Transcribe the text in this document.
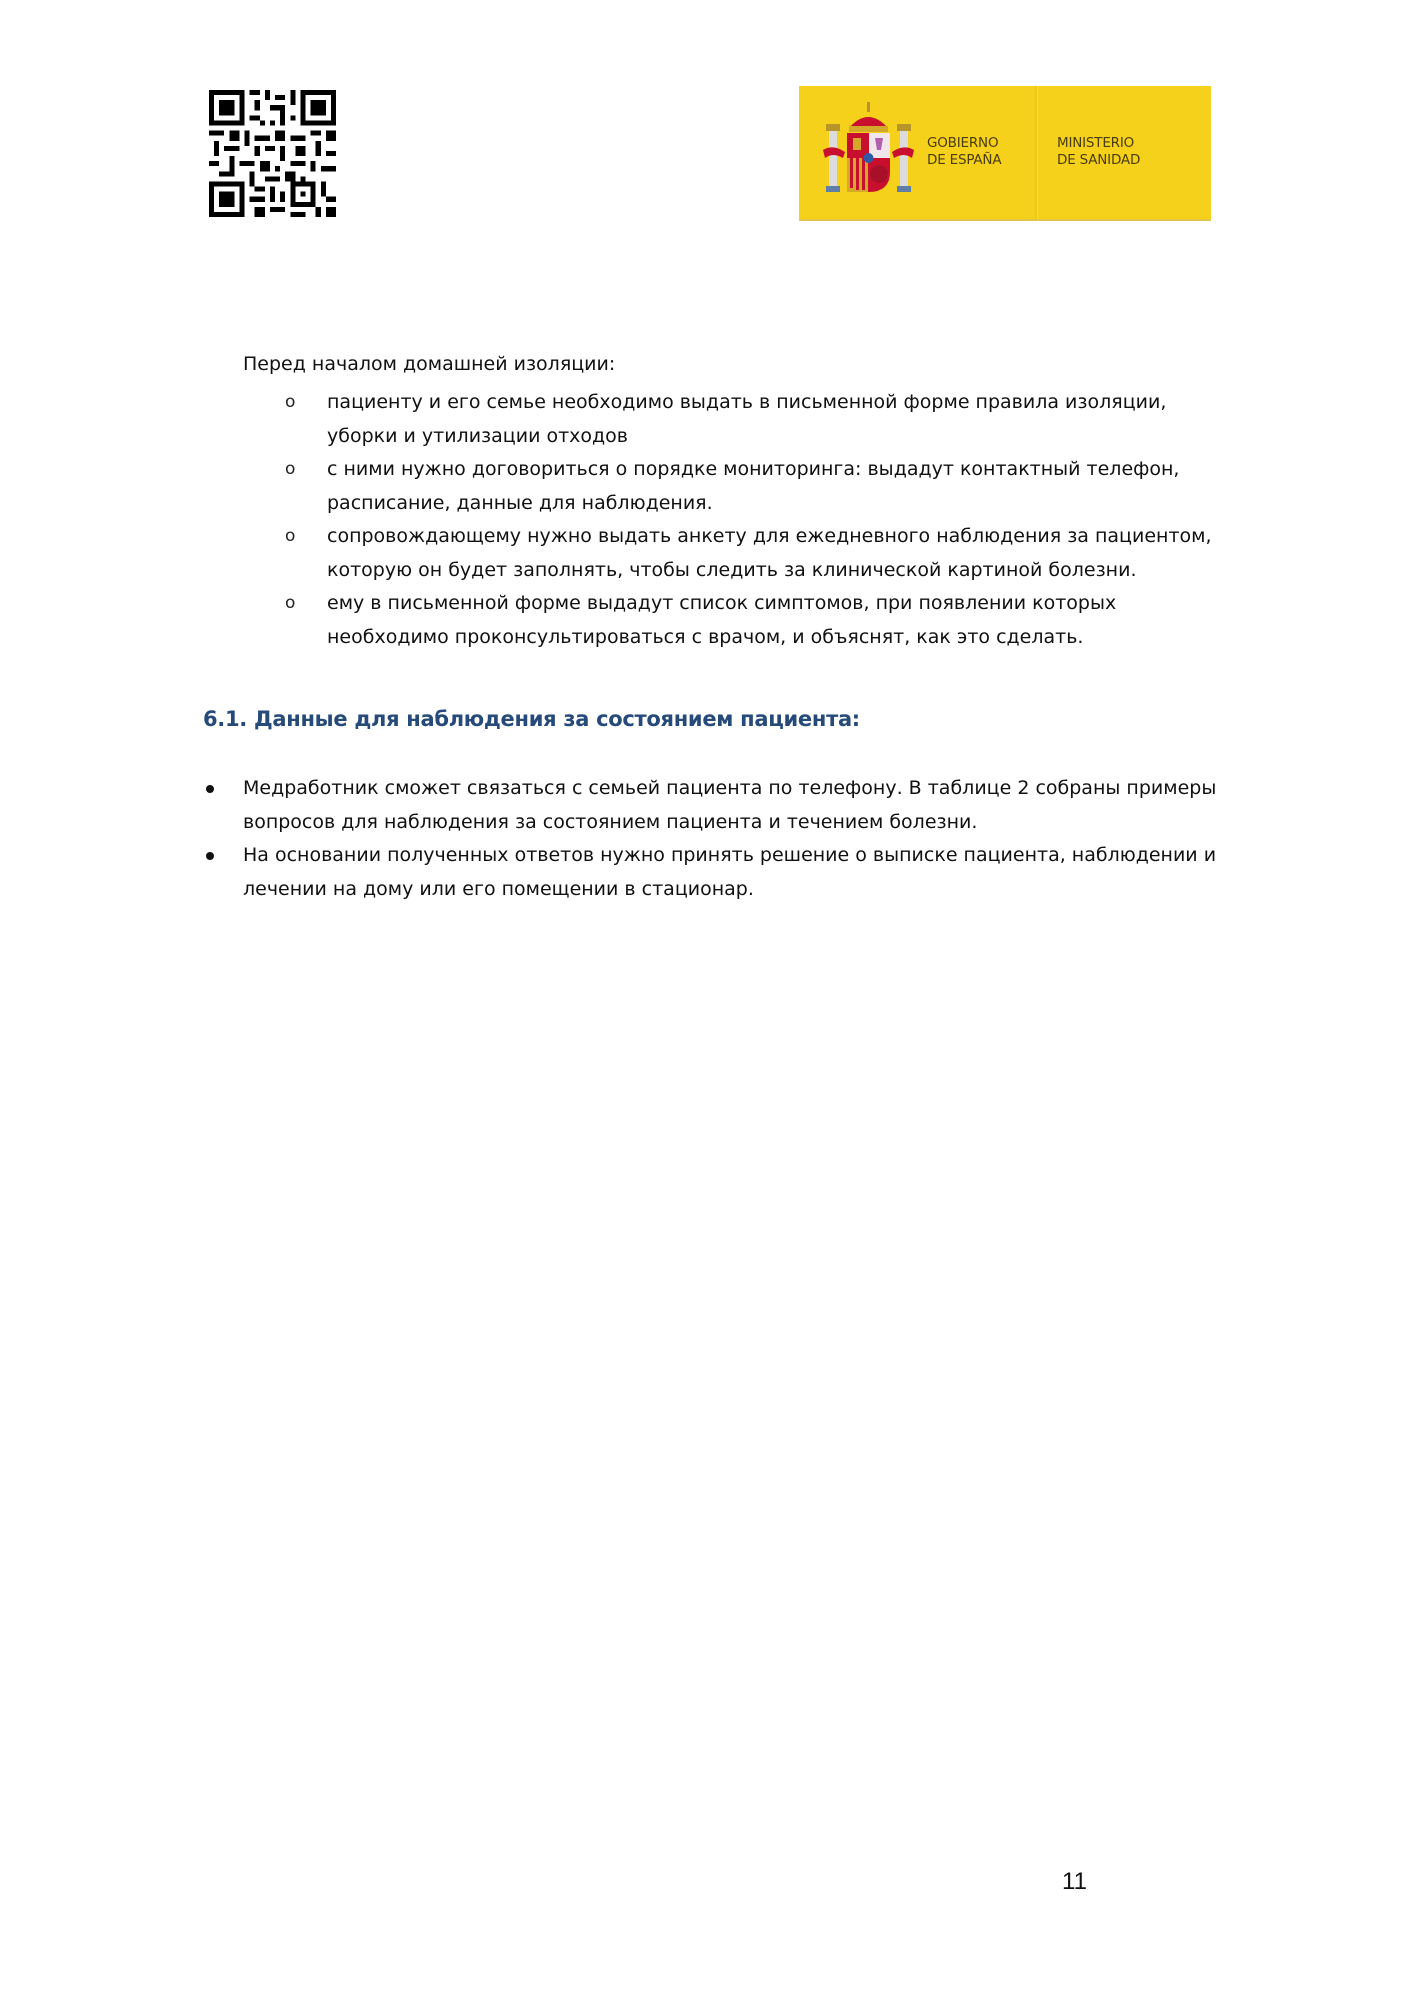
GOBIERNO
DE ESPAÑA
MINISTERIO
DE SANIDAD
Перед началом домашней изоляции:
o пациенту и его семье необходимо выдать в письменной форме правила изоляции, уборки и утилизации отходов
o с ними нужно договориться о порядке мониторинга: выдадут контактный телефон, расписание, данные для наблюдения.
o сопровождающему нужно выдать анкету для ежедневного наблюдения за пациентом, которую он будет заполнять, чтобы следить за клинической картиной болезни.
o ему в письменной форме выдадут список симптомов, при появлении которых необходимо проконсультироваться с врачом, и объяснят, как это сделать.
6.1. Данные для наблюдения за состоянием пациента:
Медработник сможет связаться с семьей пациента по телефону. В таблице 2 собраны примеры вопросов для наблюдения за состоянием пациента и течением болезни.
На основании полученных ответов нужно принять решение о выписке пациента, наблюдении и лечении на дому или его помещении в стационар.
11
